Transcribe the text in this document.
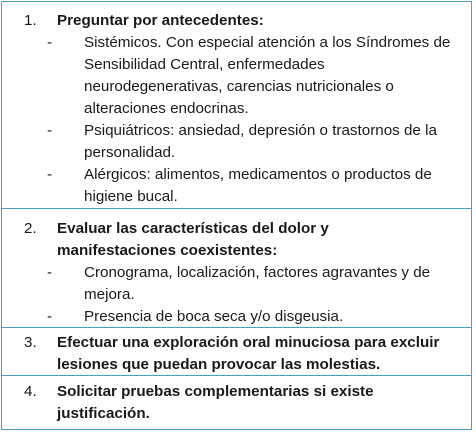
1.	Preguntar por antecedentes:
- Sistémicos. Con especial atención a los Síndromes de Sensibilidad Central, enfermedades neurodegenerativas, carencias nutricionales o alteraciones endocrinas.
- Psiquiátricos: ansiedad, depresión o trastornos de la personalidad.
- Alérgicos: alimentos, medicamentos o productos de higiene bucal.
2.	Evaluar las características del dolor y manifestaciones coexistentes:
- Cronograma, localización, factores agravantes y de mejora.
- Presencia de boca seca y/o disgeusia.
3.	Efectuar una exploración oral minuciosa para excluir lesiones que puedan provocar las molestias.
4.	Solicitar pruebas complementarias si existe justificación.
